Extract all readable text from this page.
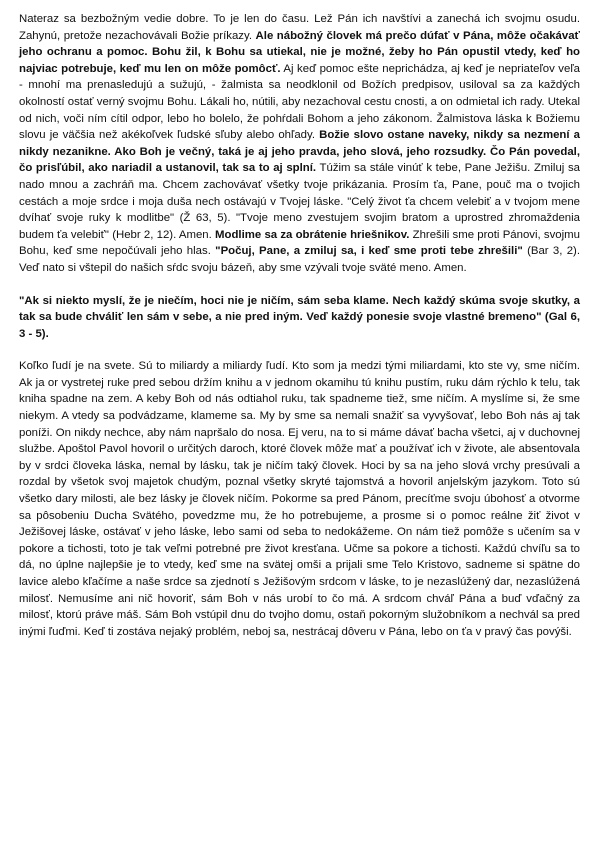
Nateraz sa bezbožným vedie dobre. To je len do času. Lež Pán ich navštívi a zanechá ich svojmu osudu. Zahynú, pretože nezachovávali Božie príkazy. Ale nábožný človek má prečo dúfať v Pána, môže očakávať jeho ochranu a pomoc. Bohu žil, k Bohu sa utiekal, nie je možné, žeby ho Pán opustil vtedy, keď ho najviac potrebuje, keď mu len on môže pomôcť. Aj keď pomoc ešte neprichádza, aj keď je nepriateľov veľa - mnohí ma prenasledujú a sužujú, - žalmista sa neodklonil od Božích predpisov, usiloval sa za každých okolností ostať verný svojmu Bohu. Lákali ho, nútili, aby nezachoval cestu cnosti, a on odmietal ich rady. Utekal od nich, voči ním cítil odpor, lebo ho bolelo, že pohŕdali Bohom a jeho zákonom. Žalmistova láska k Božiemu slovu je väčšia než akékoľvek ľudské sľuby alebo ohľady. Božie slovo ostane naveky, nikdy sa nezmení a nikdy nezanikne. Ako Boh je večný, taká je aj jeho pravda, jeho slová, jeho rozsudky. Čo Pán povedal, čo prisľúbil, ako nariadil a ustanovil, tak sa to aj splní. Túžim sa stále vinúť k tebe, Pane Ježišu. Zmiluj sa nado mnou a zachráň ma. Chcem zachovávať všetky tvoje prikázania. Prosím ťa, Pane, pouč ma o tvojich cestách a moje srdce i moja duša nech ostávajú v Tvojej láske. "Celý život ťa chcem velebiť a v tvojom mene dvíhať svoje ruky k modlitbe" (Ž 63, 5). "Tvoje meno zvestujem svojim bratom a uprostred zhromaždenia budem ťa velebiť" (Hebr 2, 12). Amen. Modlime sa za obrátenie hriešnikov. Zhrešili sme proti Pánovi, svojmu Bohu, keď sme nepočúvali jeho hlas. "Počuj, Pane, a zmiluj sa, i keď sme proti tebe zhrešili" (Bar 3, 2). Veď nato si vštepil do našich sŕdc svoju bázeň, aby sme vzývali tvoje sväté meno. Amen.

"Ak si niekto myslí, že je niečím, hoci nie je ničím, sám seba klame. Nech každý skúma svoje skutky, a tak sa bude chváliť len sám v sebe, a nie pred iným. Veď každý ponesie svoje vlastné bremeno" (Gal 6, 3 - 5).

Koľko ľudí je na svete. Sú to miliardy a miliardy ľudí. Kto som ja medzi tými miliardami, kto ste vy, sme ničím. Ak ja or vystretej ruke pred sebou držím knihu a v jednom okamihu tú knihu pustím, ruku dám rýchlo k telu, tak kniha spadne na zem. A keby Boh od nás odtiahol ruku, tak spadneme tiež, sme ničím. A myslíme si, že sme niekym. A vtedy sa podvádzame, klameme sa. My by sme sa nemali snažiť sa vyvyšovať, lebo Boh nás aj tak poníži. On nikdy nechce, aby nám napršalo do nosa. Ej veru, na to si máme dávať bacha všetci, aj v duchovnej službe. Apoštol Pavol hovoril o určitých daroch, ktoré človek môže mať a používať ich v živote, ale absentovala by v srdci človeka láska, nemal by lásku, tak je ničím taký človek. Hoci by sa na jeho slová vrchy presúvali a rozdal by všetok svoj majetok chudým, poznal všetky skryté tajomstvá a hovoril anjelským jazykom. Toto sú všetko dary milosti, ale bez lásky je človek ničím. Pokorme sa pred Pánom, precíťme svoju úbohosť a otvorme sa pôsobeniu Ducha Svätého, povedzme mu, že ho potrebujeme, a prosme si o pomoc reálne žiť život v Ježišovej láske, ostávať v jeho láske, lebo sami od seba to nedokážeme. On nám tiež pomôže s učením sa v pokore a tichosti, toto je tak veľmi potrebné pre život kresťana. Učme sa pokore a tichosti. Každú chvíľu sa to dá, no úplne najlepšie je to vtedy, keď sme na svätej omši a prijali sme Telo Kristovo, sadneme si spätne do lavice alebo kľačíme a naše srdce sa zjednotí s Ježišovým srdcom v láske, to je nezaslúžený dar, nezaslúžená milosť. Nemusíme ani nič hovoriť, sám Boh v nás urobí to čo má. A srdcom chváľ Pána a buď vďačný za milosť, ktorú práve máš. Sám Boh vstúpil dnu do tvojho domu, ostaň pokorným služobníkom a nechvál sa pred inými ľuďmi. Keď ti zostáva nejaký problém, neboj sa, nestrácaj dôveru v Pána, lebo on ťa v pravý čas povýši.
